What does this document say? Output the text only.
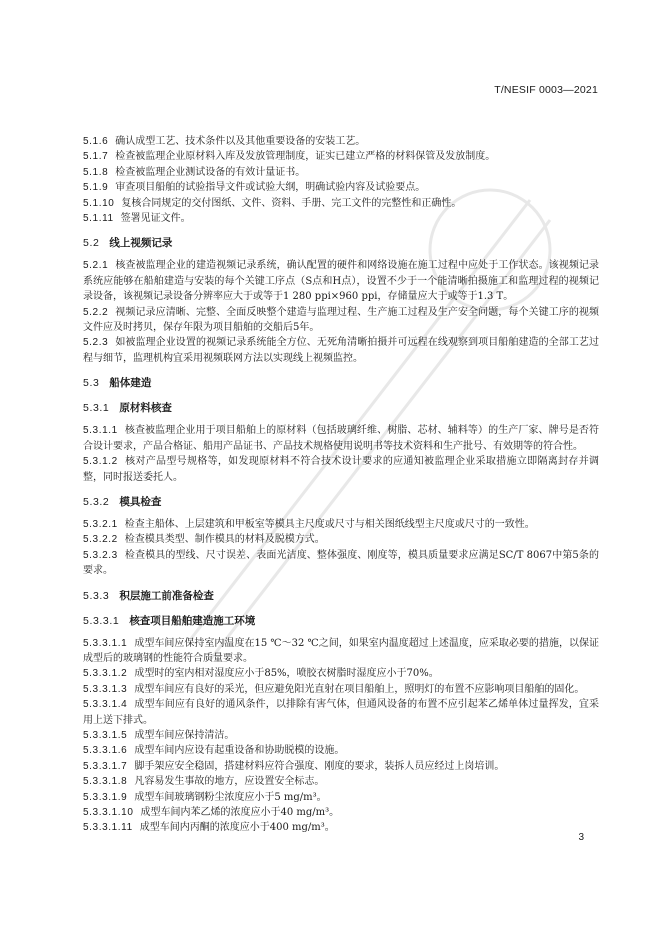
T/NESIF 0003—2021
5.1.6 确认成型工艺、技术条件以及其他重要设备的安装工艺。
5.1.7 检查被监理企业原材料入库及发放管理制度，证实已建立严格的材料保管及发放制度。
5.1.8 检查被监理企业测试设备的有效计量证书。
5.1.9 审查项目船舶的试验指导文件或试验大纲，明确试验内容及试验要点。
5.1.10 复核合同规定的交付图纸、文件、资料、手册、完工文件的完整性和正确性。
5.1.11 签署见证文件。
5.2 线上视频记录
5.2.1 核查被监理企业的建造视频记录系统，确认配置的硬件和网络设施在施工过程中应处于工作状态。该视频记录系统应能够在船舶建造与安装的每个关键工序点（S点和H点），设置不少于一个能清晰拍摄施工和监理过程的视频记录设备，该视频记录设备分辨率应大于或等于1 280 ppi×960 ppi，存储量应大于或等于1.3 T。
5.2.2 视频记录应清晰、完整、全面反映整个建造与监理过程、生产施工过程及生产安全问题，每个关键工序的视频文件应及时拷贝，保存年限为项目船舶的交船后5年。
5.2.3 如被监理企业设置的视频记录系统能全方位、无死角清晰拍摄并可远程在线观察到项目船舶建造的全部工艺过程与细节，监理机构宜采用视频联网方法以实现线上视频监控。
5.3 船体建造
5.3.1 原材料核查
5.3.1.1 核查被监理企业用于项目船舶上的原材料（包括玻璃纤维、树脂、芯材、辅料等）的生产厂家、牌号是否符合设计要求，产品合格证、船用产品证书、产品技术规格使用说明书等技术资料和生产批号、有效期等的符合性。
5.3.1.2 核对产品型号规格等，如发现原材料不符合技术设计要求的应通知被监理企业采取措施立即隔离封存并调整，同时报送委托人。
5.3.2 模具检查
5.3.2.1 检查主船体、上层建筑和甲板室等模具主尺度或尺寸与相关图纸线型主尺度或尺寸的一致性。
5.3.2.2 检查模具类型、制作模具的材料及脱模方式。
5.3.2.3 检查模具的型线、尺寸误差、表面光洁度、整体强度、刚度等，模具质量要求应满足SC/T 8067中第5条的要求。
5.3.3 积层施工前准备检查
5.3.3.1 核查项目船舶建造施工环境
5.3.3.1.1 成型车间应保持室内温度在15 ℃～32 ℃之间，如果室内温度超过上述温度，应采取必要的措施，以保证成型后的玻璃钢的性能符合质量要求。
5.3.3.1.2 成型时的室内相对湿度应小于85%，喷胶衣树脂时湿度应小于70%。
5.3.3.1.3 成型车间应有良好的采光，但应避免阳光直射在项目船舶上，照明灯的布置不应影响项目船舶的固化。
5.3.3.1.4 成型车间应有良好的通风条件，以排除有害气体，但通风设备的布置不应引起苯乙烯单体过量挥发，宜采用上送下排式。
5.3.3.1.5 成型车间应保持清洁。
5.3.3.1.6 成型车间内应设有起重设备和协助脱模的设施。
5.3.3.1.7 脚手架应安全稳固，搭建材料应符合强度、刚度的要求，装拆人员应经过上岗培训。
5.3.3.1.8 凡容易发生事故的地方，应设置安全标志。
5.3.3.1.9 成型车间玻璃钢粉尘浓度应小于5 mg/m³。
5.3.3.1.10 成型车间内苯乙烯的浓度应小于40 mg/m³。
5.3.3.1.11 成型车间内丙酮的浓度应小于400 mg/m³。
3
